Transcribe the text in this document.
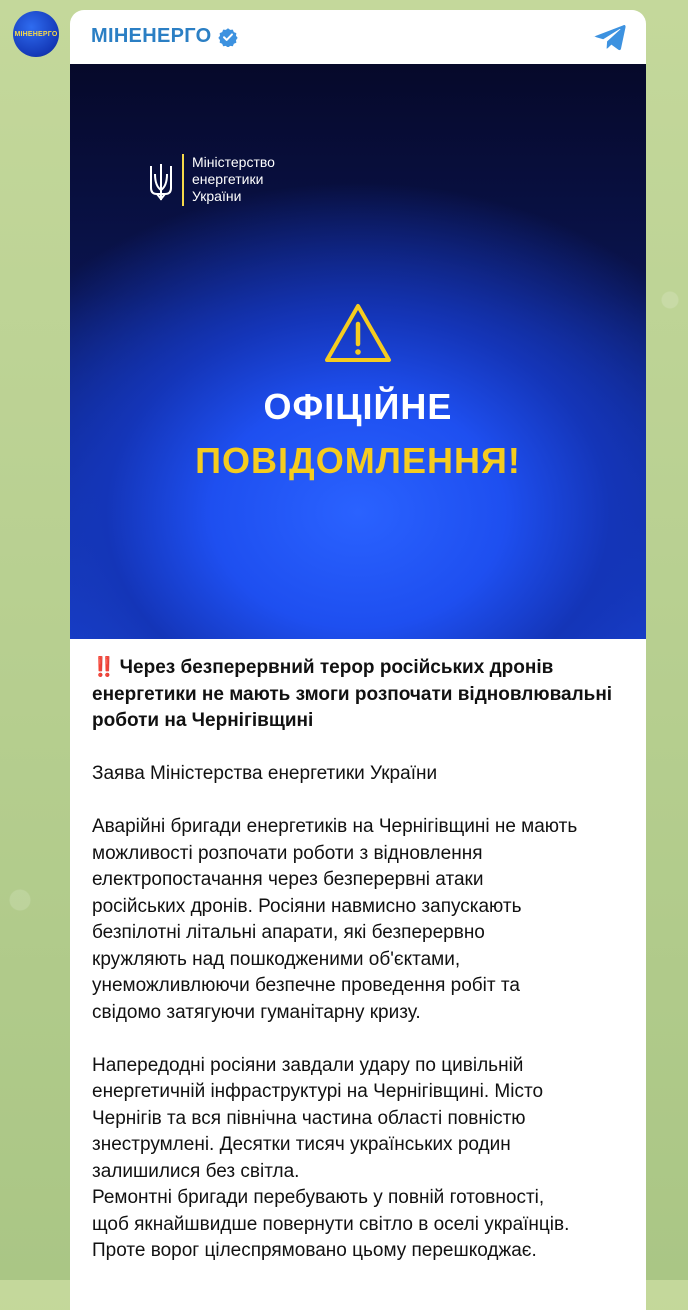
МІНЕНЕРГО МІНЕНЕРГО
Міністерство
енергетики
України
ОФІЦІЙНЕ
ПОВІДОМЛЕННЯ!

‼️ Через безперервний терор російських дронів
енергетики не мають змоги розпочати відновлювальні
роботи на Чернігівщині

Заява Міністерства енергетики України

Аварійні бригади енергетиків на Чернігівщині не мають
можливості розпочати роботи з відновлення
електропостачання через безперервні атаки
російських дронів. Росіяни навмисно запускають
безпілотні літальні апарати, які безперервно
кружляють над пошкодженими об'єктами,
унеможливлюючи безпечне проведення робіт та
свідомо затягуючи гуманітарну кризу.

Напередодні росіяни завдали удару по цивільній
енергетичній інфраструктурі на Чернігівщині. Місто
Чернігів та вся північна частина області повністю
знеструмлені. Десятки тисяч українських родин
залишилися без світла.

Ремонтні бригади перебувають у повній готовності,
щоб якнайшвидше повернути світло в оселі українців.
Проте ворог цілеспрямовано цьому перешкоджає.
